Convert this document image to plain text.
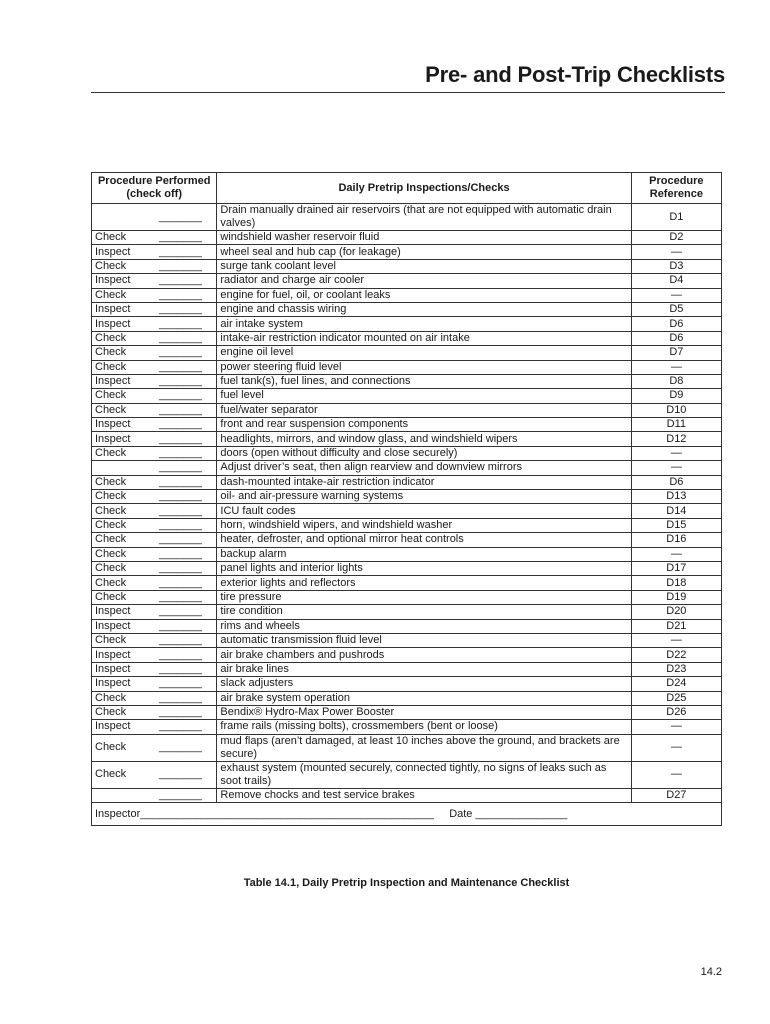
Pre- and Post-Trip Checklists
Procedure Performed (check off)	Daily Pretrip Inspections/Checks	Procedure Reference
_______	Drain manually drained air reservoirs (that are not equipped with automatic drain valves)	D1
Check _______	windshield washer reservoir fluid	D2
Inspect _______	wheel seal and hub cap (for leakage)	—
Check _______	surge tank coolant level	D3
Inspect _______	radiator and charge air cooler	D4
Check _______	engine for fuel, oil, or coolant leaks	—
Inspect _______	engine and chassis wiring	D5
Inspect _______	air intake system	D6
Check _______	intake-air restriction indicator mounted on air intake	D6
Check _______	engine oil level	D7
Check _______	power steering fluid level	—
Inspect _______	fuel tank(s), fuel lines, and connections	D8
Check _______	fuel level	D9
Check _______	fuel/water separator	D10
Inspect _______	front and rear suspension components	D11
Inspect _______	headlights, mirrors, and window glass, and windshield wipers	D12
Check _______	doors (open without difficulty and close securely)	—
_______	Adjust driver’s seat, then align rearview and downview mirrors	—
Check _______	dash-mounted intake-air restriction indicator	D6
Check _______	oil- and air-pressure warning systems	D13
Check _______	ICU fault codes	D14
Check _______	horn, windshield wipers, and windshield washer	D15
Check _______	heater, defroster, and optional mirror heat controls	D16
Check _______	backup alarm	—
Check _______	panel lights and interior lights	D17
Check _______	exterior lights and reflectors	D18
Check _______	tire pressure	D19
Inspect _______	tire condition	D20
Inspect _______	rims and wheels	D21
Check _______	automatic transmission fluid level	—
Inspect _______	air brake chambers and pushrods	D22
Inspect _______	air brake lines	D23
Inspect _______	slack adjusters	D24
Check _______	air brake system operation	D25
Check _______	Bendix® Hydro-Max Power Booster	D26
Inspect _______	frame rails (missing bolts), crossmembers (bent or loose)	—
Check _______	mud flaps (aren’t damaged, at least 10 inches above the ground, and brackets are secure)	—
Check _______	exhaust system (mounted securely, connected tightly, no signs of leaks such as soot trails)	—
_______	Remove chocks and test service brakes	D27
Inspector________________________________________________ Date _______________		
Table 14.1, Daily Pretrip Inspection and Maintenance Checklist
14.2
